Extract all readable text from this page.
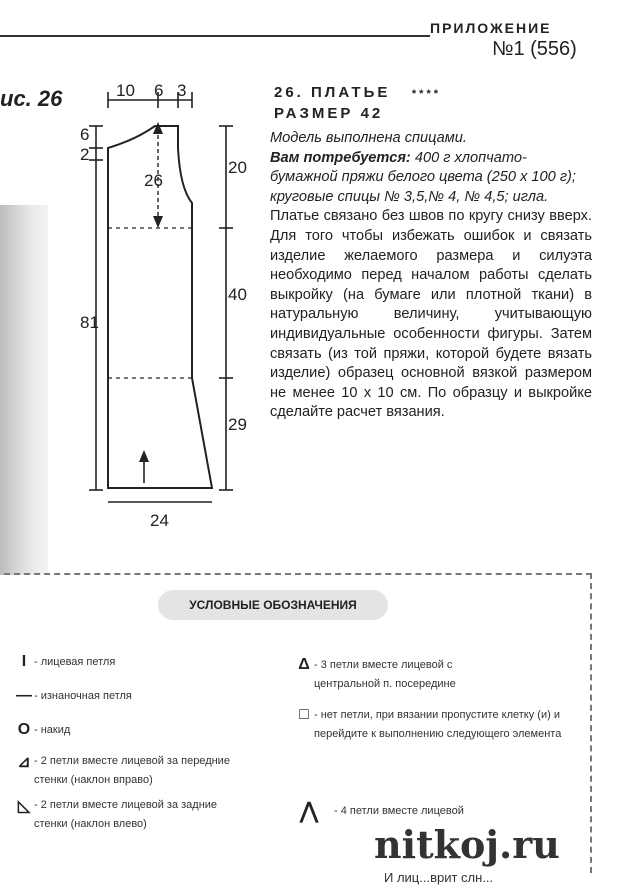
ПРИЛОЖЕНИЕ
№1 (556)
ис. 26	10 6 3
6
2
81
26
20
40
29
24
26. ПЛАТЬЕ ****
РАЗМЕР 42

Модель выполнена спицами.

Вам потребуется: 400 г хлопчато-бумажной пряжи белого цвета (250 х 100 г); круговые спицы № 3,5,№ 4, № 4,5; игла.

Платье связано без швов по кругу снизу вверх. Для того чтобы избежать ошибок и связать изделие желаемого размера и силуэта необходимо перед началом работы сделать выкройку (на бумаге или плотной ткани) в натуральную величину, учитывающую индивидуальные особенности фигуры. Затем связать (из той пряжи, которой будете вязать изделие) образец основной вязкой размером не менее 10 х 10 см. По образцу и выкройке сделайте расчет вязания.

УСЛОВНЫЕ ОБОЗНАЧЕНИЯ
I - лицевая петля
— - изнаночная петля
O - накид
⊿ - 2 петли вместе лицевой за передние стенки (наклон вправо)
◺ - 2 петли вместе лицевой за задние стенки (наклон влево)
Δ - 3 петли вместе лицевой с центральной п. посередине
□ - нет петли, при вязании пропустите клетку (и) и перейдите к выполнению следующего элемента
⋀	- 4 петли вместе лицевой
nitkoj.ru
И лиц...врит слн...
